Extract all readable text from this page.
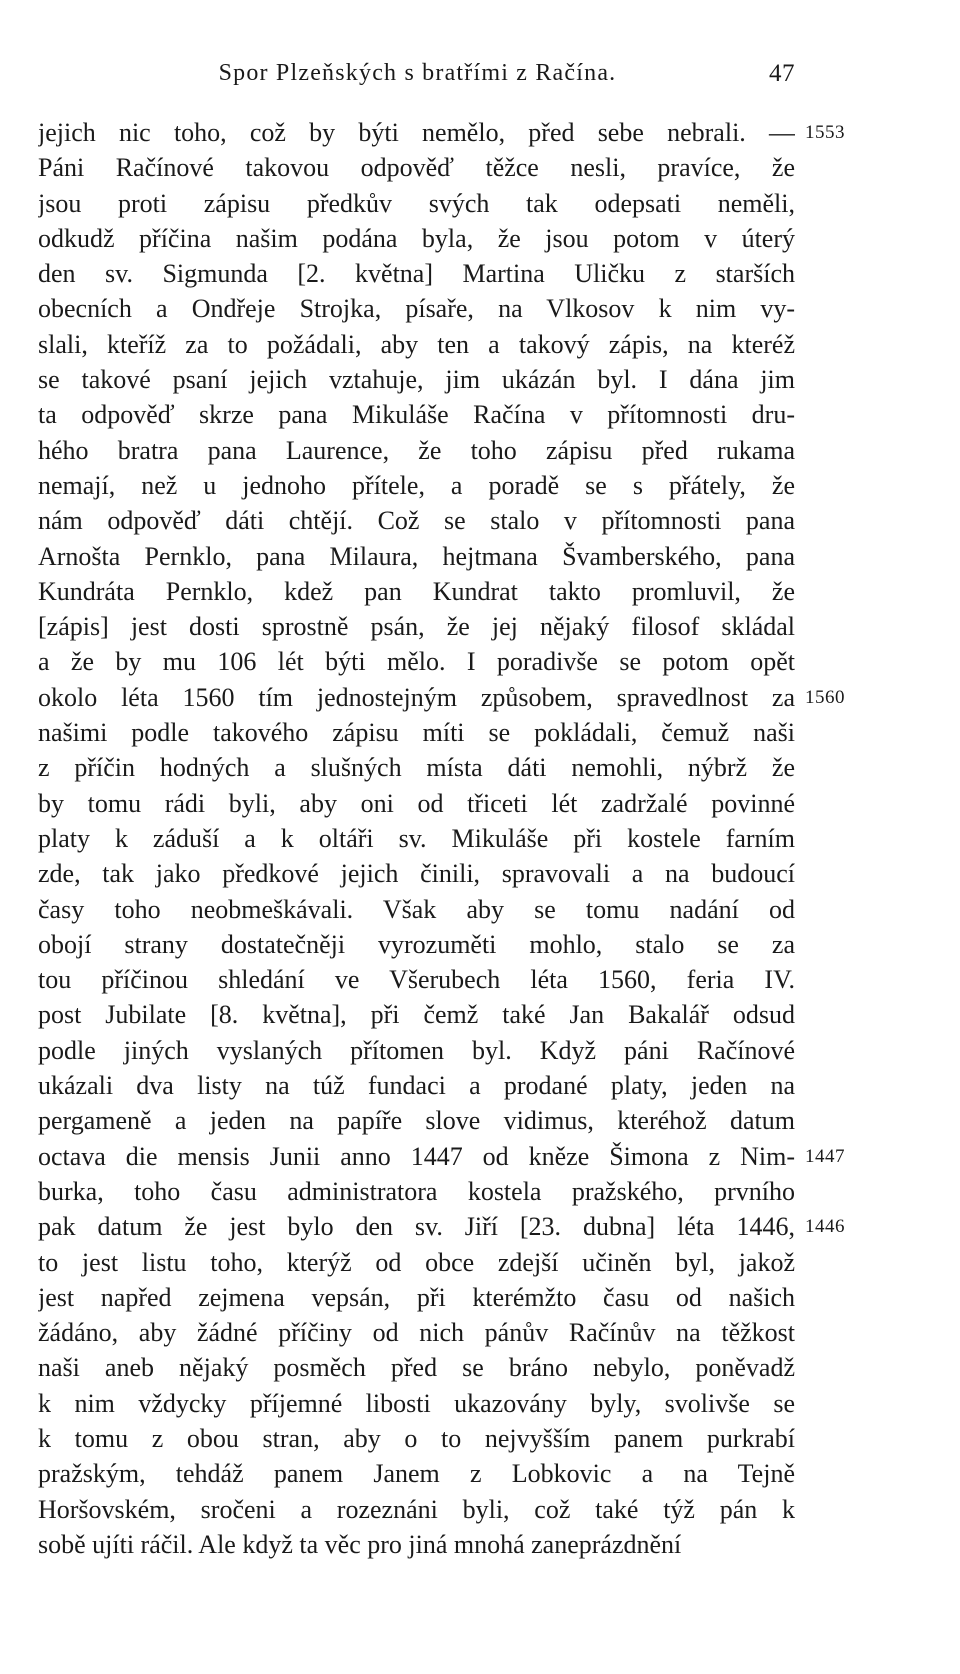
Spor Plzeňských s bratřími z Račína.	47
jejich nic toho, což by býti nemělo, před sebe nebrali. —
Páni Račínové takovou odpověď těžce nesli, pravíce, že
jsou proti zápisu předkův svých tak odepsati neměli,
odkudž příčina našim podána byla, že jsou potom v úterý
den sv. Sigmunda [2. května] Martina Uličku z starších
obecních a Ondřeje Strojka, písaře, na Vlkosov k nim vy-
slali, kteříž za to požádali, aby ten a takový zápis, na kteréž
se takové psaní jejich vztahuje, jim ukázán byl. I dána jim
ta odpověď skrze pana Mikuláše Račína v přítomnosti dru-
hého bratra pana Laurence, že toho zápisu před rukama
nemají, než u jednoho přítele, a poradě se s přátely, že
nám odpověď dáti chtějí. Což se stalo v přítomnosti pana
Arnošta Pernklo, pana Milaura, hejtmana Švamberského, pana
Kundráta Pernklo, kdež pan Kundrat takto promluvil, že
[zápis] jest dosti sprostně psán, že jej nějaký filosof skládal
a že by mu 106 lét býti mělo. I poradivše se potom opět
okolo léta 1560 tím jednostejným způsobem, spravedlnost za
našimi podle takového zápisu míti se pokládali, čemuž naši
z příčin hodných a slušných místa dáti nemohli, nýbrž že
by tomu rádi byli, aby oni od třiceti lét zadržalé povinné
platy k záduší a k oltáři sv. Mikuláše při kostele farním
zde, tak jako předkové jejich činili, spravovali a na budoucí
časy toho neobmeškávali. Však aby se tomu nadání od
obojí strany dostatečněji vyrozuměti mohlo, stalo se za
tou příčinou shledání ve Všerubech léta 1560, feria IV.
post Jubilate [8. května], při čemž také Jan Bakalář odsud
podle jiných vyslaných přítomen byl. Když páni Račínové
ukázali dva listy na túž fundaci a prodané platy, jeden na
pergameně a jeden na papíře slove vidimus, kteréhož datum
octava die mensis Junii anno 1447 od kněze Šimona z Nim-
burka, toho času administratora kostela pražského, prvního
pak datum že jest bylo den sv. Jiří [23. dubna] léta 1446,
to jest listu toho, kterýž od obce zdejší učiněn byl, jakož
jest napřed zejmena vepsán, při kterémžto času od našich
žádáno, aby žádné příčiny od nich pánův Račínův na těžkost
naši aneb nějaký posměch před se bráno nebylo, poněvadž
k nim vždycky příjemné libosti ukazovány byly, svolivše se
k tomu z obou stran, aby o to nejvyšším panem purkrabí
pražským, tehdáž panem Janem z Lobkovic a na Tejně
Horšovském, sročeni a rozeznáni byli, což také týž pán k
sobě ujíti ráčil. Ale když ta věc pro jiná mnohá zaneprázdnění
1553
1560
1447
1446
